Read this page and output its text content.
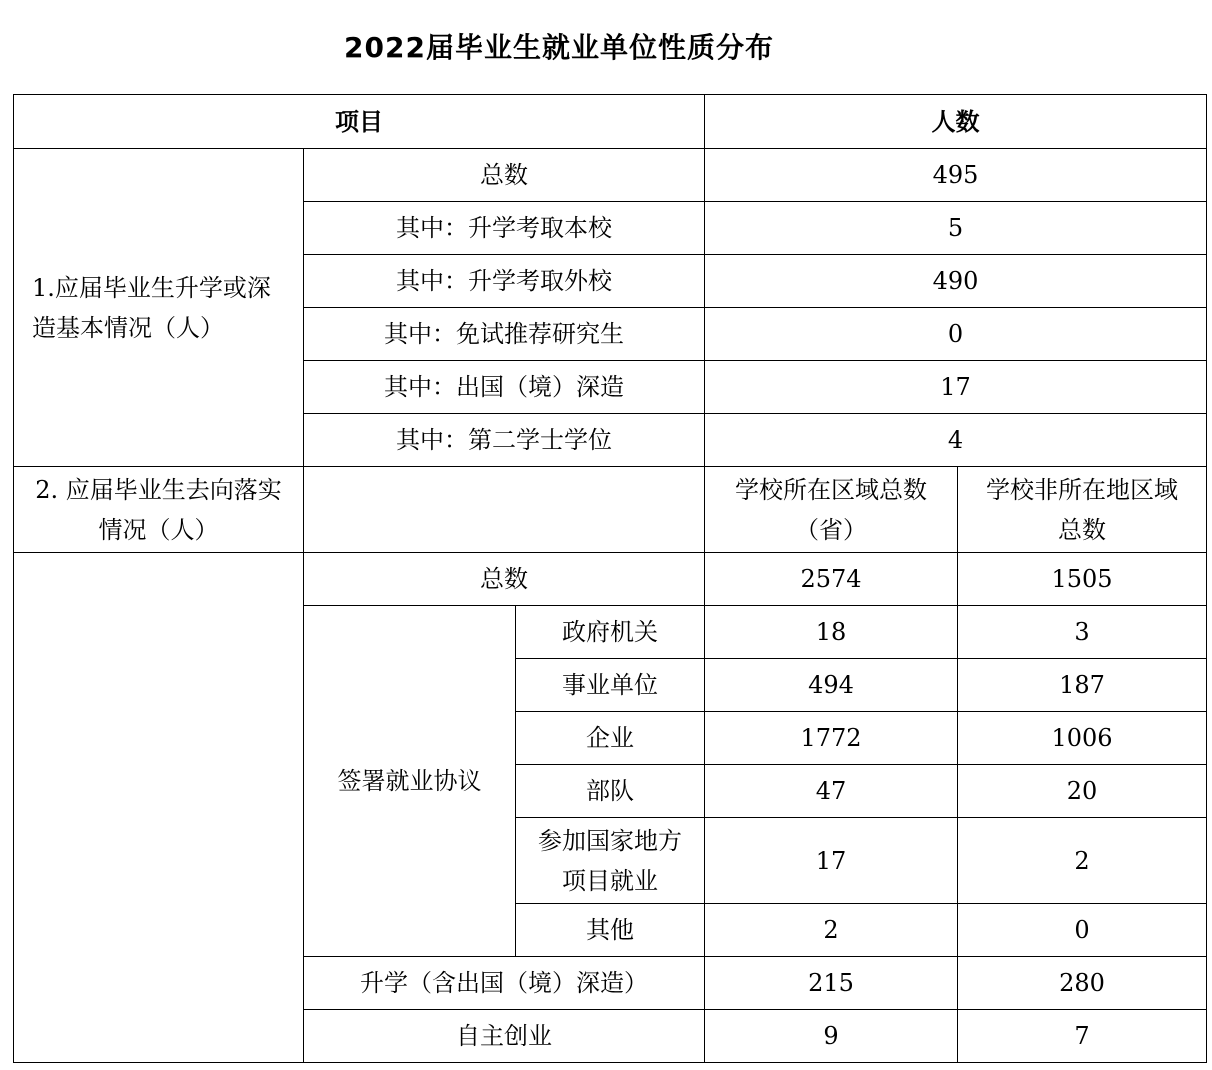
2022届毕业生就业单位性质分布
项目			人数	

1.应届毕业生升学或深造基本情况（人）	总数		495	
	其中：升学考取本校		5	
	其中：升学考取外校		490	
	其中：免试推荐研究生		0	
	其中：出国（境）深造		17	
	其中：第二学士学位		4	

2. 应届毕业生去向落实情况（人）			学校所在区域总数（省）	学校非所在地区域总数

	总数		2574	1505
	签署就业协议	政府机关	18	3
		事业单位	494	187
		企业	1772	1006
		部队	47	20

		参加国家地方项目就业	17	2
		其他	2	0
	升学（含出国（境）深造）		215	280
	自主创业		9	7
